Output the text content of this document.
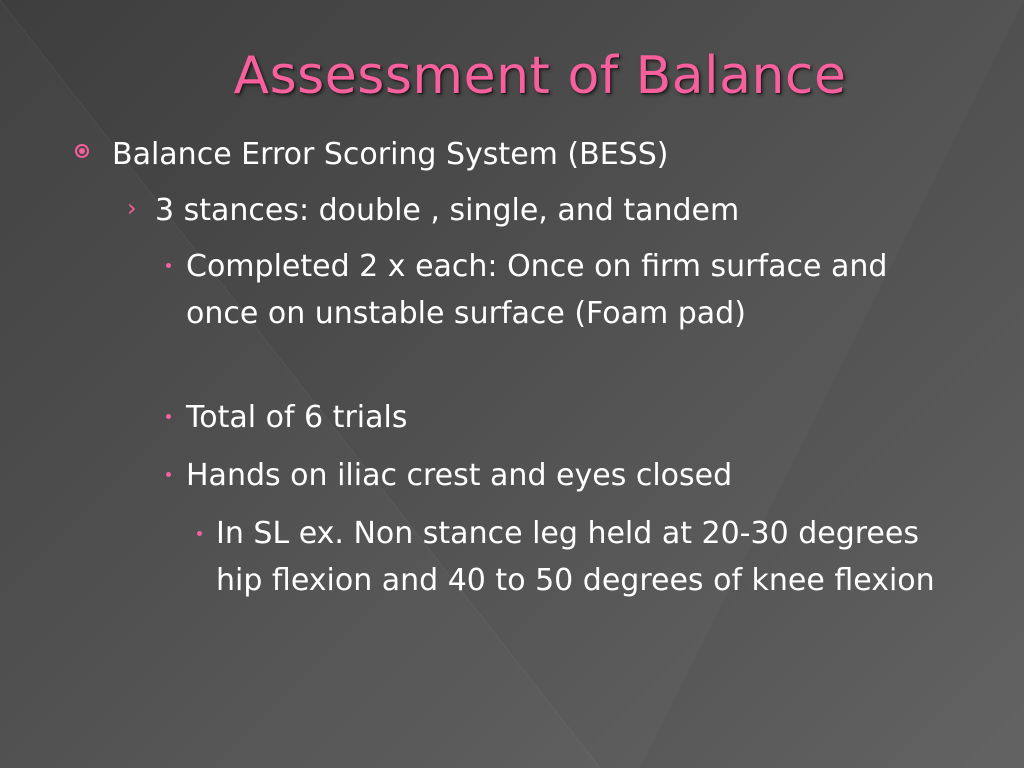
Assessment of Balance
Balance Error Scoring System (BESS)
› 3 stances: double , single, and tandem
Completed 2 x each: Once on firm surface and once on unstable surface (Foam pad)
Total of 6 trials
Hands on iliac crest and eyes closed
In SL ex. Non stance leg held at 20-30 degrees hip flexion and 40 to 50 degrees of knee flexion
